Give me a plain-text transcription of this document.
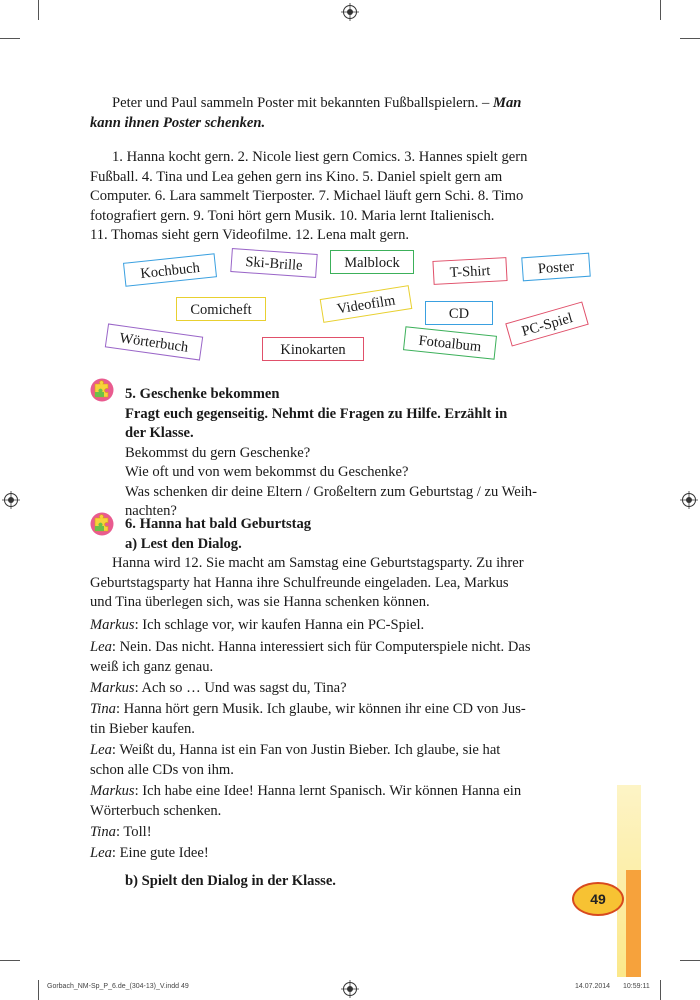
Peter und Paul sammeln Poster mit bekannten Fußballspielern. – Man
kann ihnen Poster schenken.
1. Hanna kocht gern. 2. Nicole liest gern Comics. 3. Hannes spielt gern
Fußball. 4. Tina und Lea gehen gern ins Kino. 5. Daniel spielt gern am
Computer. 6. Lara sammelt Tierposter. 7. Michael läuft gern Schi. 8. Timo
fotografiert gern. 9. Toni hört gern Musik. 10. Maria lernt Italienisch.
11. Thomas sieht gern Videofilme. 12. Lena malt gern.
Kochbuch	Ski-Brille	Malblock	T-Shirt	Poster
Comicheft	Videofilm	CD	PC-Spiel
Wörterbuch	Kinokarten	Fotoalbum
5. Geschenke bekommen
Fragt euch gegenseitig. Nehmt die Fragen zu Hilfe. Erzählt in
der Klasse.
Bekommst du gern Geschenke?
Wie oft und von wem bekommst du Geschenke?
Was schenken dir deine Eltern / Großeltern zum Geburtstag / zu Weih-
nachten?
6. Hanna hat bald Geburtstag
a) Lest den Dialog.
Hanna wird 12. Sie macht am Samstag eine Geburtstagsparty. Zu ihrer
Geburtstagsparty hat Hanna ihre Schulfreunde eingeladen. Lea, Markus
und Tina überlegen sich, was sie Hanna schenken können.
Markus: Ich schlage vor, wir kaufen Hanna ein PC-Spiel.
Lea: Nein. Das nicht. Hanna interessiert sich für Computerspiele nicht. Das
weiß ich ganz genau.
Markus: Ach so … Und was sagst du, Tina?
Tina: Hanna hört gern Musik. Ich glaube, wir können ihr eine CD von Jus-
tin Bieber kaufen.
Lea: Weißt du, Hanna ist ein Fan von Justin Bieber. Ich glaube, sie hat
schon alle CDs von ihm.
Markus: Ich habe eine Idee! Hanna lernt Spanisch. Wir können Hanna ein
Wörterbuch schenken.
Tina: Toll!
Lea: Eine gute Idee!
b) Spielt den Dialog in der Klasse.
49
Gorbach_NM-Sp_P_6.de_(304-13)_V.indd 49	14.07.2014 10:59:11
